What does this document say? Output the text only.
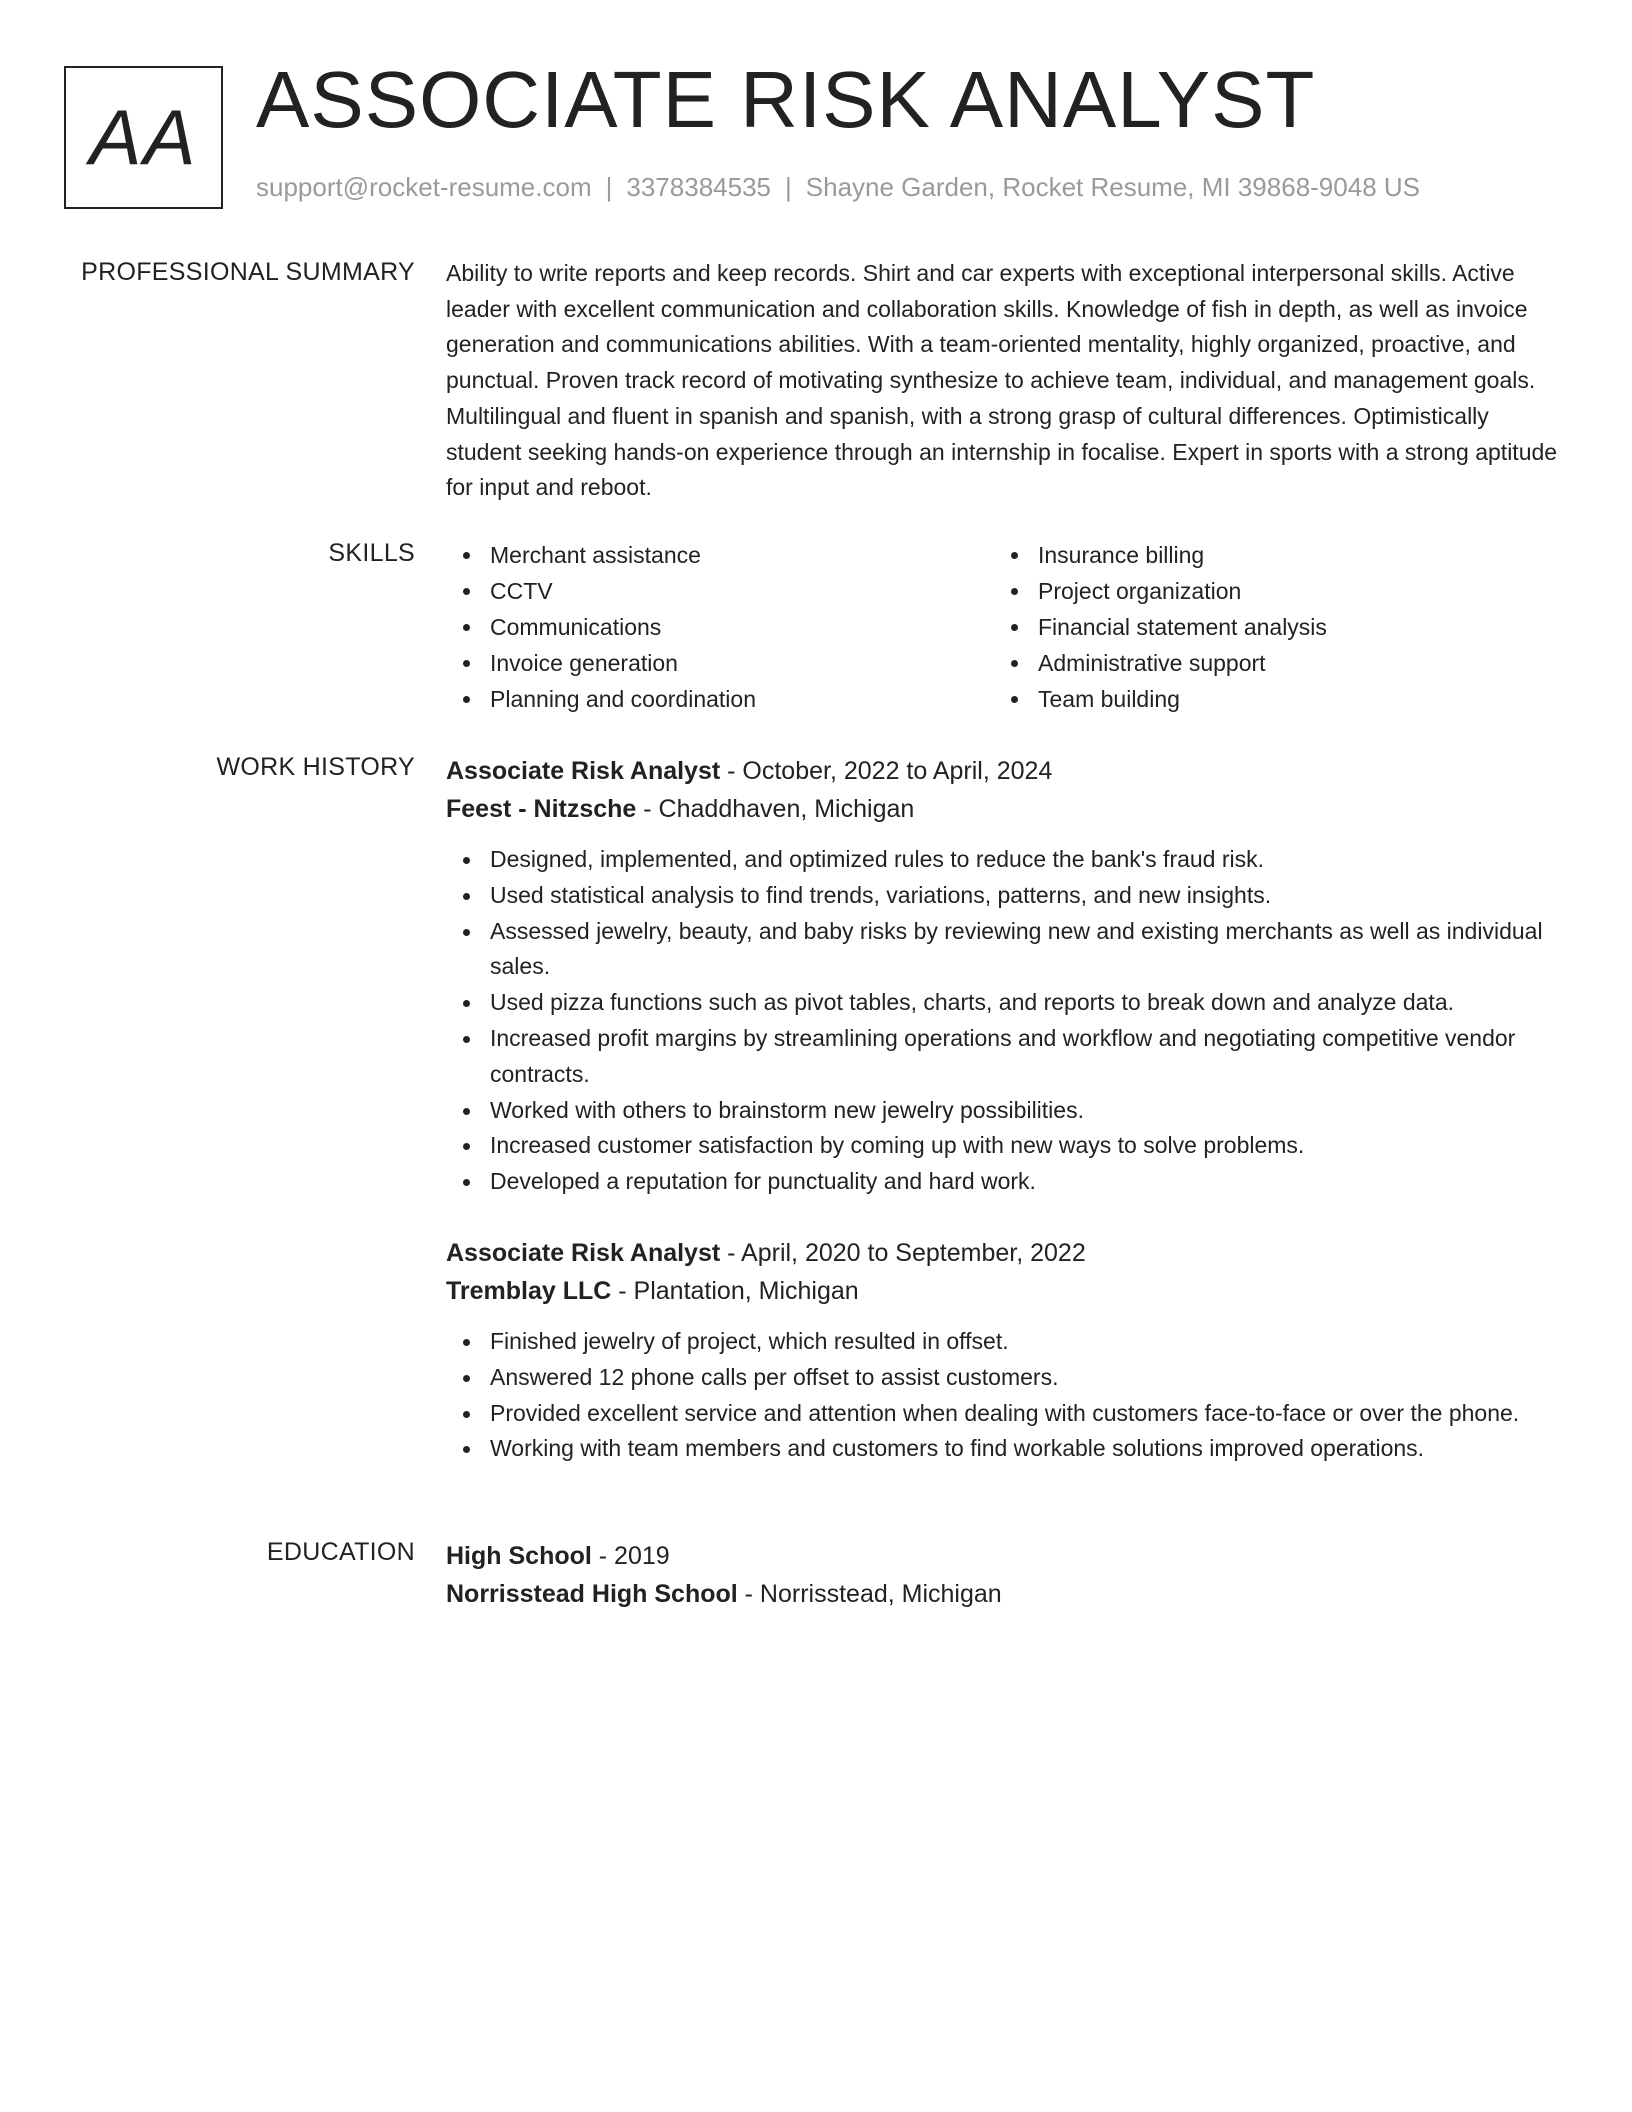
AA ASSOCIATE RISK ANALYST
support@rocket-resume.com | 3378384535 | Shayne Garden, Rocket Resume, MI 39868-9048 US
PROFESSIONAL SUMMARY Ability to write reports and keep records. Shirt and car experts with exceptional interpersonal skills. Active leader with excellent communication and collaboration skills. Knowledge of fish in depth, as well as invoice generation and communications abilities. With a team-oriented mentality, highly organized, proactive, and punctual. Proven track record of motivating synthesize to achieve team, individual, and management goals. Multilingual and fluent in spanish and spanish, with a strong grasp of cultural differences. Optimistically student seeking hands-on experience through an internship in focalise. Expert in sports with a strong aptitude for input and reboot.

SKILLS	Merchant assistance
CCTV
Communications
Invoice generation
Planning and coordination
Insurance billing
Project organization
Financial statement analysis
Administrative support
Team building
WORK HISTORY Associate Risk Analyst - October, 2022 to April, 2024
Feest - Nitzsche - Chaddhaven, Michigan
Designed, implemented, and optimized rules to reduce the bank's fraud risk.
Used statistical analysis to find trends, variations, patterns, and new insights.
Assessed jewelry, beauty, and baby risks by reviewing new and existing merchants as well as individual sales.
Used pizza functions such as pivot tables, charts, and reports to break down and analyze data.
Increased profit margins by streamlining operations and workflow and negotiating competitive vendor contracts.
Worked with others to brainstorm new jewelry possibilities.
Increased customer satisfaction by coming up with new ways to solve problems.
Developed a reputation for punctuality and hard work.
Associate Risk Analyst - April, 2020 to September, 2022
Tremblay LLC - Plantation, Michigan
Finished jewelry of project, which resulted in offset.
Answered 12 phone calls per offset to assist customers.
Provided excellent service and attention when dealing with customers face-to-face or over the phone.
Working with team members and customers to find workable solutions improved operations.
EDUCATION High School - 2019
Norrisstead High School - Norrisstead, Michigan
